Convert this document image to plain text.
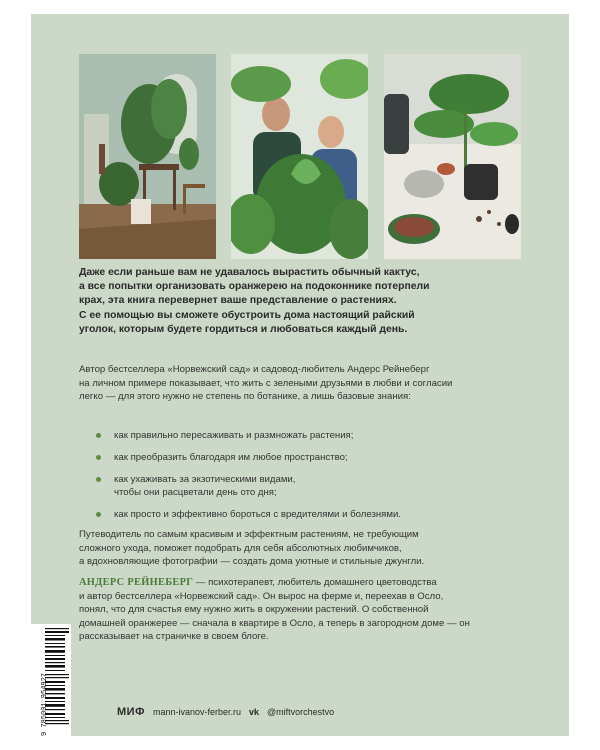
Даже если раньше вам не удавалось вырастить обычный кактус,
а все попытки организовать оранжерею на подоконнике потерпели
крах, эта книга перевернет ваше представление о растениях.
С ее помощью вы сможете обустроить дома настоящий райский
уголок, которым будете гордиться и любоваться каждый день.
Автор бестселлера «Норвежский сад» и садовод-любитель Андерс Рейнеберг
на личном примере показывает, что жить с зелеными друзьями в любви и согласии
легко — для этого нужно не степень по ботанике, а лишь базовые знания:
как правильно пересаживать и размножать растения;
как преобразить благодаря им любое пространство;
как ухаживать за экзотическими видами,
чтобы они расцветали день ото дня;
как просто и эффективно бороться с вредителями и болезнями.
Путеводитель по самым красивым и эффектным растениям, не требующим
сложного ухода, поможет подобрать для себя абсолютных любимчиков,
а вдохновляющие фотографии — создать дома уютные и стильные джунгли.
АНДЕРС РЕЙНЕБЕРГ — психотерапевт, любитель домашнего цветоводства
и автор бестселлера «Норвежский сад». Он вырос на ферме и, переехав в Осло,
понял, что для счастья ему нужно жить в окружении растений. О собственной
домашней оранжерее — сначала в квартире в Осло, а теперь в загородном доме — он
рассказывает на страничке в своем блоге.
9 785001 954927	МИФ mann-ivanov-ferber.ru vk @miftvorchestvo
